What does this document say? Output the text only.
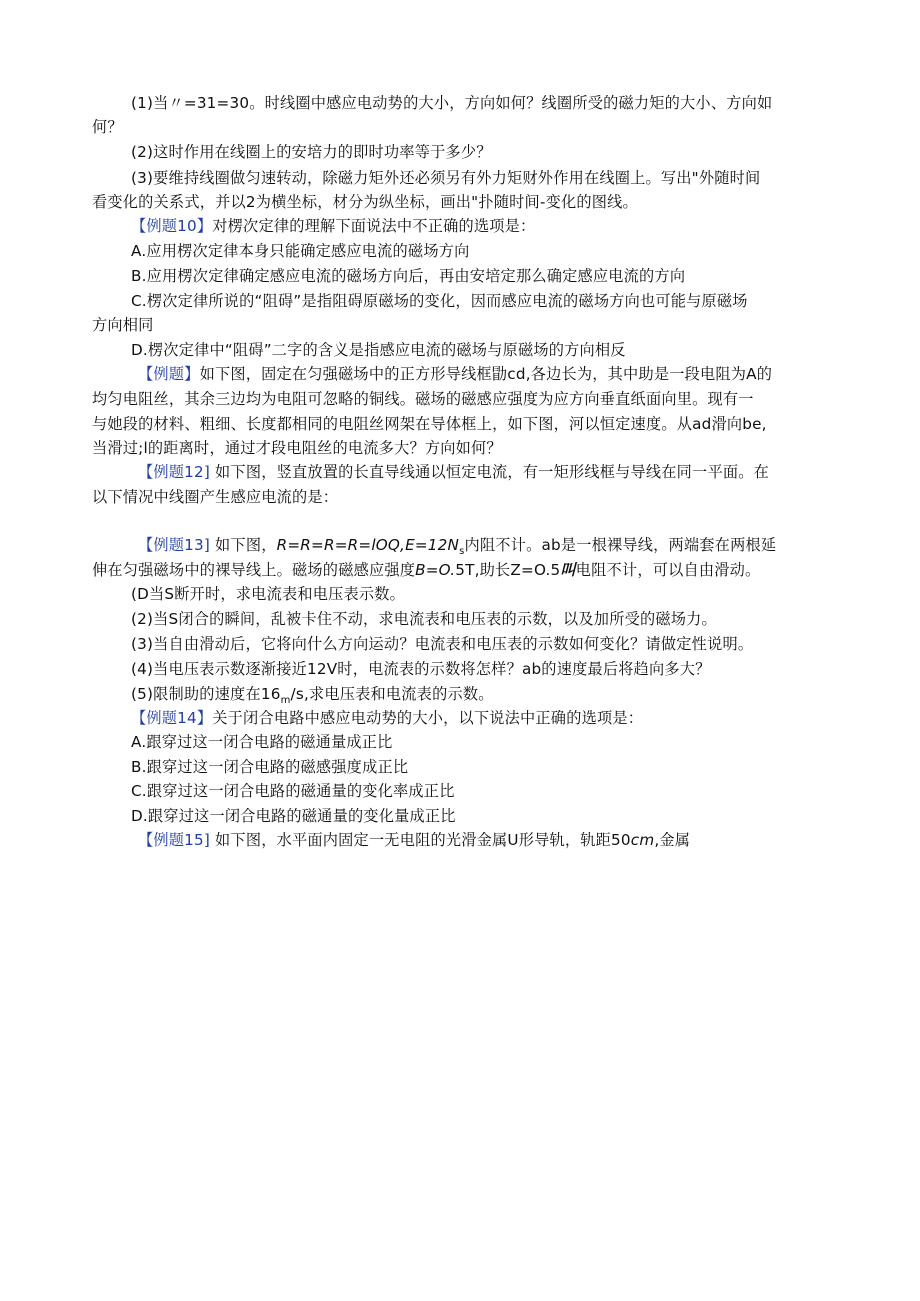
(1)当〃=31=30。时线圈中感应电动势的大小，方向如何？线圈所受的磁力矩的大小、方向如
何？
(2)这时作用在线圈上的安培力的即时功率等于多少？
(3)要维持线圈做匀速转动，除磁力矩外还必须另有外力矩财外作用在线圈上。写出"外随时间
看变化的关系式，并以2为横坐标，材分为纵坐标，画出"扑随时间-变化的图线。
【例题10】对楞次定律的理解下面说法中不正确的选项是：
A.应用楞次定律本身只能确定感应电流的磁场方向
B.应用楞次定律确定感应电流的磁场方向后，再由安培定那么确定感应电流的方向
C.楞次定律所说的“阻碍”是指阻碍原磁场的变化，因而感应电流的磁场方向也可能与原磁场
方向相同
D.楞次定律中“阻碍”二字的含义是指感应电流的磁场与原磁场的方向相反
【例题】如下图，固定在匀强磁场中的正方形导线框勖cd,各边长为，其中助是一段电阻为A的
均匀电阻丝，其余三边均为电阻可忽略的铜线。磁场的磁感应强度为应方向垂直纸面向里。现有一
与她段的材料、粗细、长度都相同的电阻丝网架在导体框上，如下图，河以恒定速度。从ad滑向be,
当滑过;l的距离时，通过才段电阻丝的电流多大？方向如何？
【例题12] 如下图，竖直放置的长直导线通以恒定电流，有一矩形线框与导线在同一平面。在
以下情况中线圈产生感应电流的是：
【例题13] 如下图，$R=R=R=R=lOQ,E=12N_s$内阻不计。ab是一根裸导线，两端套在两根延
伸在匀强磁场中的裸导线上。磁场的磁感应强度B=O.5T,助长Z=O.5叫电阻不计，可以自由滑动。
(D当S断开时，求电流表和电压表示数。
(2)当S闭合的瞬间，乱被卡住不动，求电流表和电压表的示数，以及加所受的磁场力。
(3)当自由滑动后，它将向什么方向运动？电流表和电压表的示数如何变化？请做定性说明。
(4)当电压表示数逐渐接近12V时，电流表的示数将怎样？ab的速度最后将趋向多大？
(5)限制助的速度在$16_m/s$,求电压表和电流表的示数。
【例题14】关于闭合电路中感应电动势的大小，以下说法中正确的选项是：
A.跟穿过这一闭合电路的磁通量成正比
B.跟穿过这一闭合电路的磁感强度成正比
C.跟穿过这一闭合电路的磁通量的变化率成正比
D.跟穿过这一闭合电路的磁通量的变化量成正比
【例题15] 如下图，水平面内固定一无电阻的光滑金属U形导轨，轨距50cm,金属
